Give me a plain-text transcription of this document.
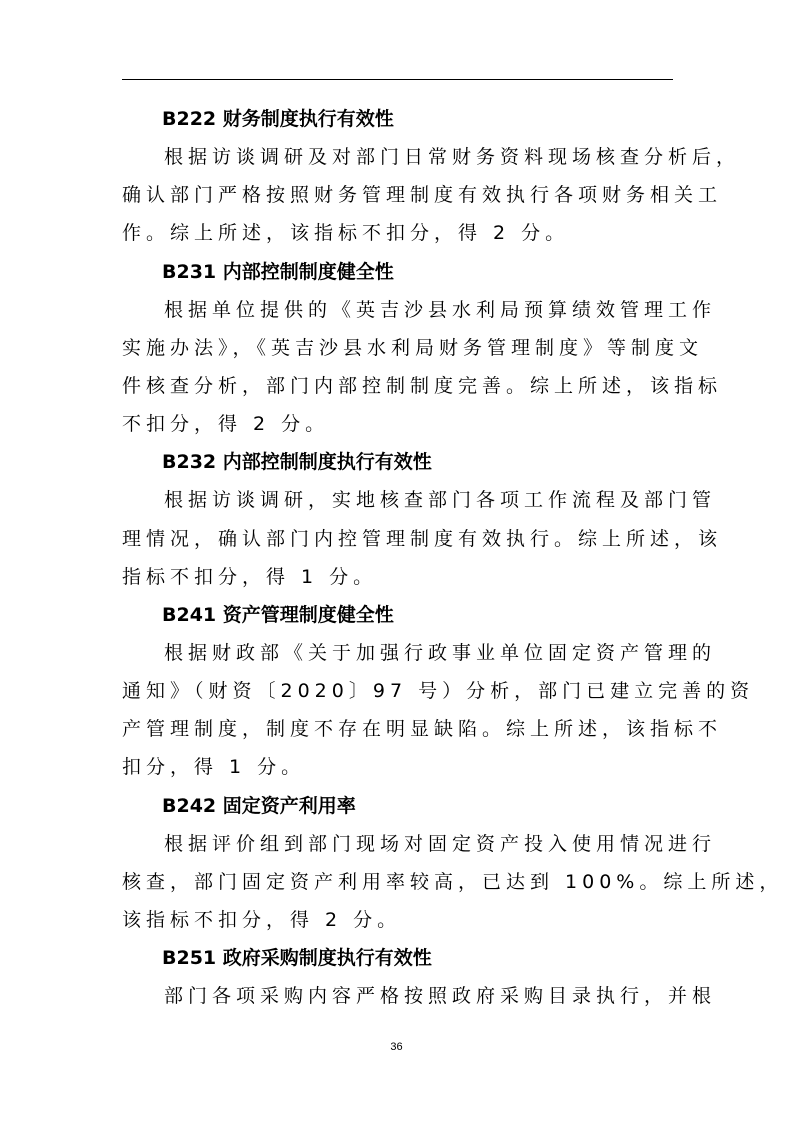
B222 财务制度执行有效性
根据访谈调研及对部门日常财务资料现场核查分析后，
确认部门严格按照财务管理制度有效执行各项财务相关工
作。综上所述，该指标不扣分，得 2 分。
B231 内部控制制度健全性
根据单位提供的《英吉沙县水利局预算绩效管理工作
实施办法》，《英吉沙县水利局财务管理制度》等制度文
件核查分析，部门内部控制制度完善。综上所述，该指标
不扣分，得 2 分。
B232 内部控制制度执行有效性
根据访谈调研，实地核查部门各项工作流程及部门管
理情况，确认部门内控管理制度有效执行。综上所述，该
指标不扣分，得 1 分。
B241 资产管理制度健全性
根据财政部《关于加强行政事业单位固定资产管理的
通知》（财资〔2020〕97 号）分析，部门已建立完善的资
产管理制度，制度不存在明显缺陷。综上所述，该指标不
扣分，得 1 分。
B242 固定资产利用率
根据评价组到部门现场对固定资产投入使用情况进行
核查，部门固定资产利用率较高，已达到 100%。综上所述，
该指标不扣分，得 2 分。
B251 政府采购制度执行有效性
部门各项采购内容严格按照政府采购目录执行，并根
36
